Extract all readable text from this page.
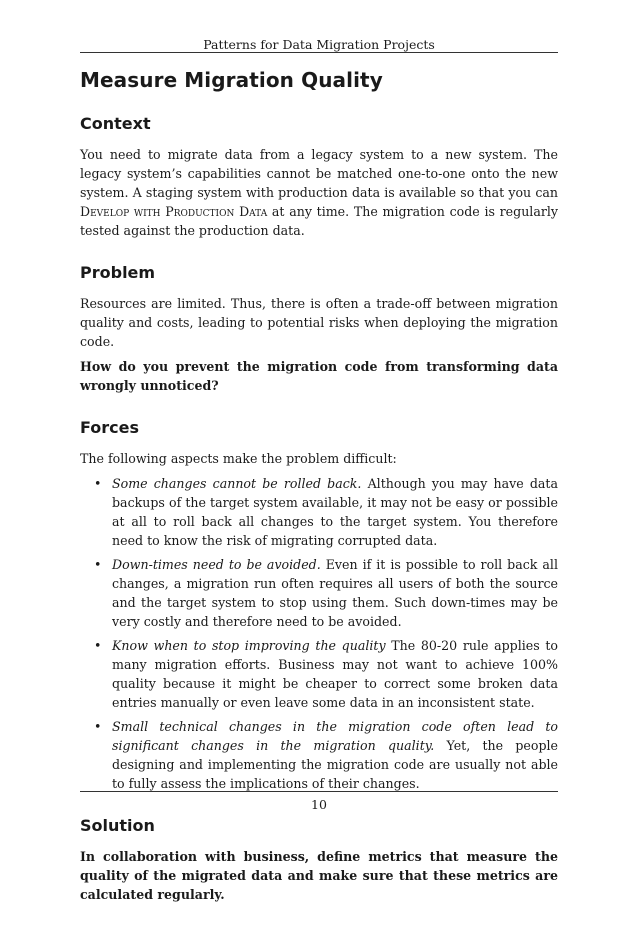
Patterns for Data Migration Projects
Measure Migration Quality
Context

You need to migrate data from a legacy system to a new system. The legacy system’s capabilities cannot be matched one-to-one onto the new system. A staging system with production data is available so that you can Develop with Production Data at any time. The migration code is regularly tested against the production data.

Problem

Resources are limited. Thus, there is often a trade-off between migration quality and costs, leading to potential risks when deploying the migration code.

How do you prevent the migration code from transforming data wrongly unnoticed?

Forces

The following aspects make the problem difficult:

• Some changes cannot be rolled back. Although you may have data backups of the target system available, it may not be easy or possible at all to roll back all changes to the target system. You therefore need to know the risk of migrating corrupted data.
• Down-times need to be avoided. Even if it is possible to roll back all changes, a migration run often requires all users of both the source and the target system to stop using them. Such down-times may be very costly and therefore need to be avoided.
• Know when to stop improving the quality The 80-20 rule applies to many migration efforts. Business may not want to achieve 100% quality because it might be cheaper to correct some broken data entries manually or even leave some data in an inconsistent state.
• Small technical changes in the migration code often lead to significant changes in the migration quality. Yet, the people designing and implementing the migration code are usually not able to fully assess the implications of their changes.
Solution

In collaboration with business, define metrics that measure the quality of the migrated data and make sure that these metrics are calculated regularly.

10
